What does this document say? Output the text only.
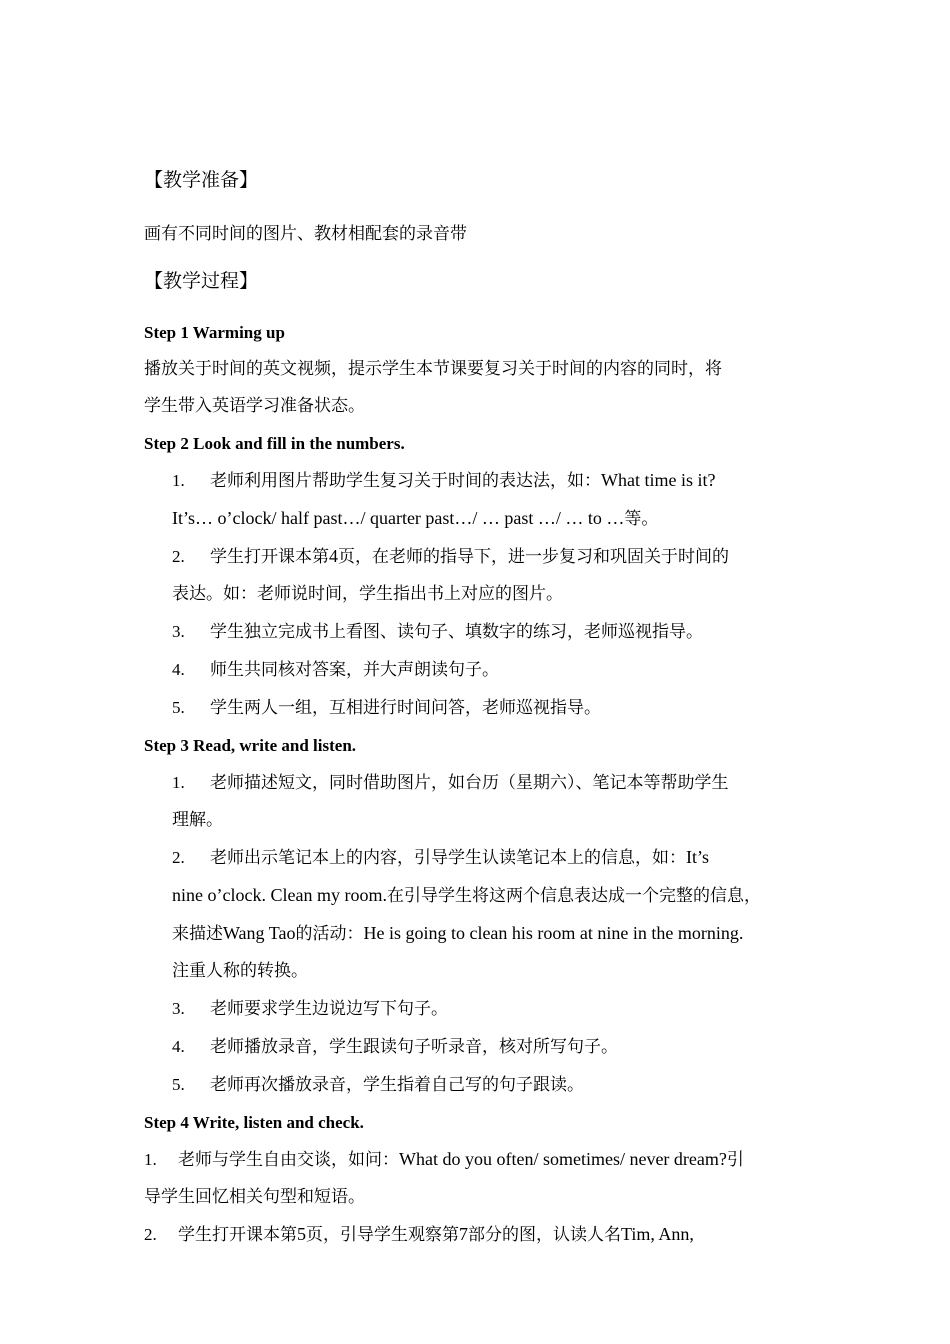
【教学准备】

画有不同时间的图片、教材相配套的录音带

【教学过程】

Step 1 Warming up

播放关于时间的英文视频，提示学生本节课要复习关于时间的内容的同时，将

学生带入英语学习准备状态。

Step 2 Look and fill in the numbers.

1. 老师利用图片帮助学生复习关于时间的表达法，如：What time is it?
It’s… o’clock/ half past…/ quarter past…/ … past …/ … to …等。
2. 学生打开课本第4页，在老师的指导下，进一步复习和巩固关于时间的
表达。如：老师说时间，学生指出书上对应的图片。
3. 学生独立完成书上看图、读句子、填数字的练习，老师巡视指导。
4. 师生共同核对答案，并大声朗读句子。
5. 学生两人一组，互相进行时间问答，老师巡视指导。

Step 3 Read, write and listen.

1. 老师描述短文，同时借助图片，如台历（星期六）、笔记本等帮助学生
理解。
2. 老师出示笔记本上的内容，引导学生认读笔记本上的信息，如：It’s
nine o’clock. Clean my room.在引导学生将这两个信息表达成一个完整的信息，
来描述Wang Tao的活动：He is going to clean his room at nine in the morning.
注重人称的转换。
3. 老师要求学生边说边写下句子。
4. 老师播放录音，学生跟读句子听录音，核对所写句子。
5. 老师再次播放录音，学生指着自己写的句子跟读。

Step 4 Write, listen and check.

1. 老师与学生自由交谈，如问：What do you often/ sometimes/ never dream?引
导学生回忆相关句型和短语。
2. 学生打开课本第5页，引导学生观察第7部分的图，认读人名Tim, Ann,
